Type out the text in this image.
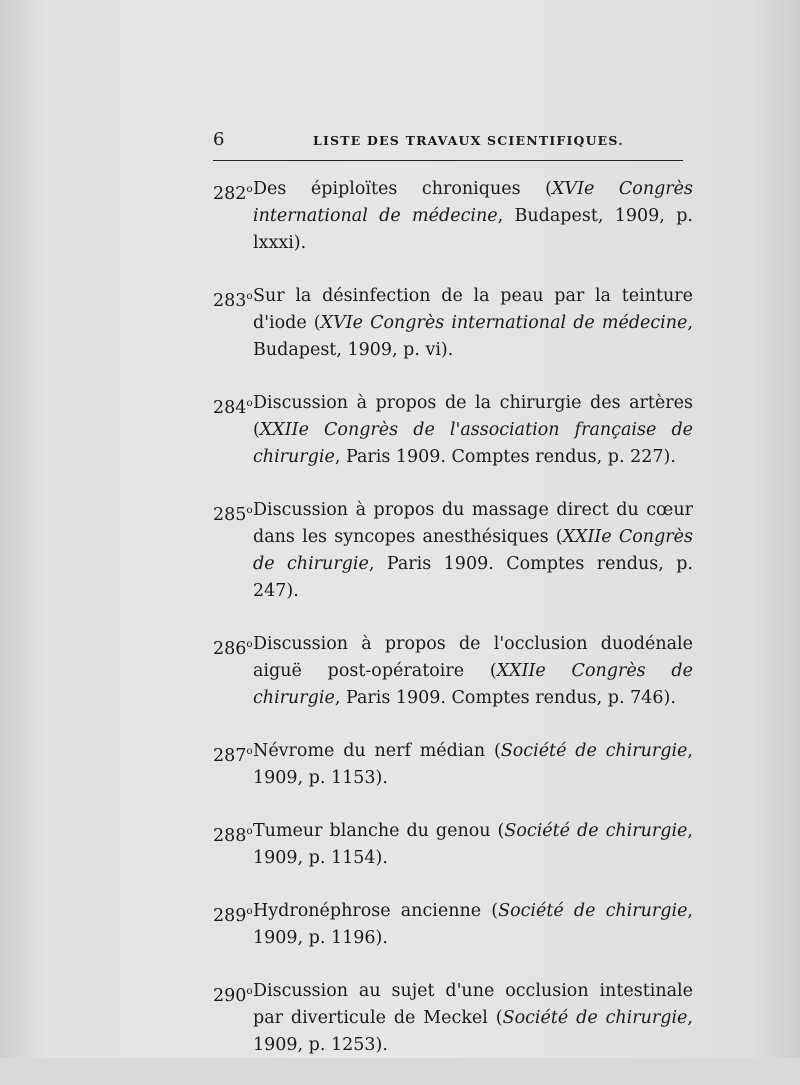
6	LISTE DES TRAVAUX SCIENTIFIQUES.
282$^o$ Des épiploïtes chroniques (XVIe Congrès international de médecine, Budapest, 1909, p. lxxxi).
283$^o$ Sur la désinfection de la peau par la teinture d'iode (XVIe Congrès international de médecine, Budapest, 1909, p. vi).
284$^o$ Discussion à propos de la chirurgie des artères (XXIIe Congrès de l'association française de chirurgie, Paris 1909. Comptes rendus, p. 227).
285$^o$ Discussion à propos du massage direct du cœur dans les syncopes anesthésiques (XXIIe Congrès de chirurgie, Paris 1909. Comptes rendus, p. 247).
286$^o$ Discussion à propos de l'occlusion duodénale aiguë post-opératoire (XXIIe Congrès de chirurgie, Paris 1909. Comptes rendus, p. 746).
287$^o$ Névrome du nerf médian (Société de chirurgie, 1909, p. 1153).
288$^o$ Tumeur blanche du genou (Société de chirurgie, 1909, p. 1154).
289$^o$ Hydronéphrose ancienne (Société de chirurgie, 1909, p. 1196).
290$^o$ Discussion au sujet d'une occlusion intestinale par diverticule de Meckel (Société de chirurgie, 1909, p. 1253).
